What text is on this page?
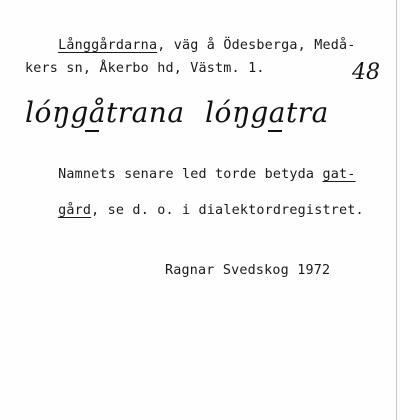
Långgårdarna, väg å Ödesberga, Medå-

kers sn, Åkerbo hd, Västm. 1.	48
lóŋgåtrana lóŋgatra

Namnets senare led torde betyda gat-

gård, se d. o. i dialektordregistret.

Ragnar Svedskog 1972
